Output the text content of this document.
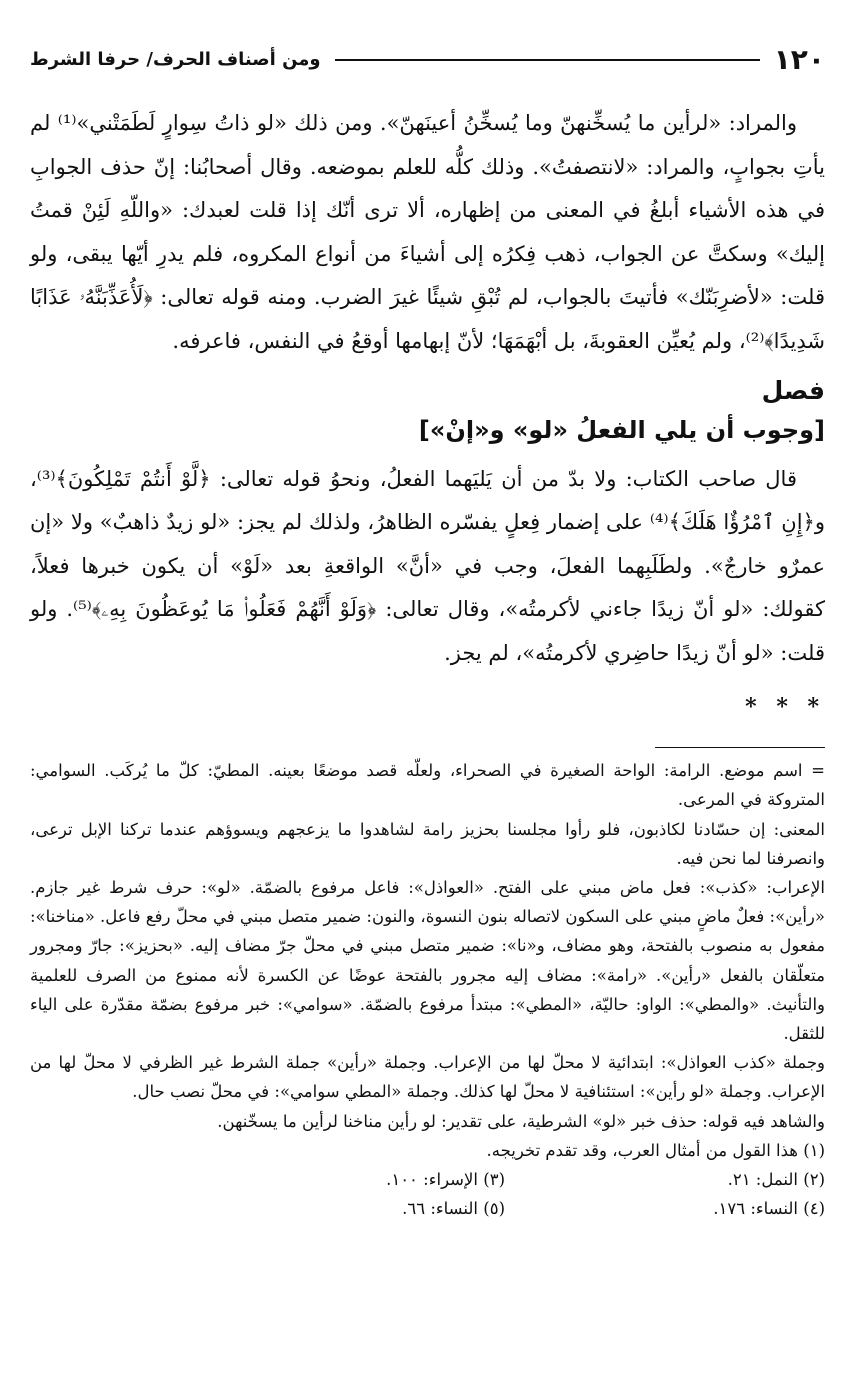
١٢٠
ومن أصناف الحرف/ حرفا الشرط

والمراد: «لرأين ما يُسخِّنهنّ وما يُسخِّنُ أعينَهنّ». ومن ذلك «لو ذاتُ سِوارٍ لَطَمَتْني»⁽¹⁾ لم يأتِ بجوابٍ، والمراد: «لانتصفتُ». وذلك كلُّه للعلم بموضعه. وقال أصحابُنا: إنّ حذف الجوابِ في هذه الأشياء أبلغُ في المعنى من إظهاره، ألا ترى أنّك إذا قلت لعبدك: «واللّهِ لَئِنْ قمتُ إليك» وسكتَّ عن الجواب، ذهب فِكرُه إلى أشياءَ من أنواع المكروه، فلم يدرِ أيّها يبقى، ولو قلت: «لأضرِبَنّك» فأتيتَ بالجواب، لم تُبْقِ شيئًا غيرَ الضرب. ومنه قوله تعالى: ﴿لَأُعَذِّبَنَّهُۥ عَذَابًا شَدِيدًا﴾⁽²⁾، ولم يُعيِّن العقوبةَ، بل أبْهَمَهَا؛ لأنّ إبهامها أوقعُ في النفس، فاعرفه.

فصل
[وجوب أن يلي الفعلُ «لو» و«إنْ»]

قال صاحب الكتاب: ولا بدّ من أن يَليَهما الفعلُ، ونحوُ قوله تعالى: ﴿لَّوْ أَنتُمْ تَمْلِكُونَ﴾⁽³⁾، و﴿إِنِ ٱمْرُؤٌا هَلَكَ﴾⁽⁴⁾ على إضمار فِعلٍ يفسّره الظاهرُ، ولذلك لم يجز: «لو زيدٌ ذاهبٌ» ولا «إن عمرٌو خارجٌ». ولطَلَبِهما الفعلَ، وجب في «أنَّ» الواقعةِ بعد «لَوْ» أن يكون خبرها فعلاً، كقولك: «لو أنّ زيدًا جاءني لأكرمتُه»، وقال تعالى: ﴿وَلَوْ أَنَّهُمْ فَعَلُوا۟ مَا يُوعَظُونَ بِهِۦ﴾⁽⁵⁾. ولو قلت: «لو أنّ زيدًا حاضِري لأكرمتُه»، لم يجز.

* * *

= اسم موضع. الرامة: الواحة الصغيرة في الصحراء، ولعلّه قصد موضعًا بعينه. المطيّ: كلّ ما يُركَب. السوامي: المتروكة في المرعى.

المعنى: إن حسّادنا لكاذبون، فلو رأوا مجلسنا بحزيز رامة لشاهدوا ما يزعجهم ويسوؤهم عندما تركنا الإبل ترعى، وانصرفنا لما نحن فيه.

الإعراب: «كذب»: فعل ماض مبني على الفتح. «العواذل»: فاعل مرفوع بالضمّة. «لو»: حرف شرط غير جازم. «رأين»: فعلٌ ماضٍ مبني على السكون لاتصاله بنون النسوة، والنون: ضمير متصل مبني في محلّ رفع فاعل. «مناخنا»: مفعول به منصوب بالفتحة، وهو مضاف، و«نا»: ضمير متصل مبني في محلّ جرّ مضاف إليه. «بحزيز»: جارّ ومجرور متعلّقان بالفعل «رأين». «رامة»: مضاف إليه مجرور بالفتحة عوضًا عن الكسرة لأنه ممنوع من الصرف للعلمية والتأنيث. «والمطي»: الواو: حاليّة، «المطي»: مبتدأ مرفوع بالضمّة. «سوامي»: خبر مرفوع بضمّة مقدّرة على الياء للثقل.

وجملة «كذب العواذل»: ابتدائية لا محلّ لها من الإعراب. وجملة «رأين» جملة الشرط غير الظرفي لا محلّ لها من الإعراب. وجملة «لو رأين»: استئنافية لا محلّ لها كذلك. وجملة «المطي سوامي»: في محلّ نصب حال.

والشاهد فيه قوله: حذف خبر «لو» الشرطية، على تقدير: لو رأين مناخنا لرأين ما يسخّنهن.

(١) هذا القول من أمثال العرب، وقد تقدم تخريجه.

(٢) النمل: ٢١.
(٣) الإسراء: ١٠٠.
(٤) النساء: ١٧٦.
(٥) النساء: ٦٦.
